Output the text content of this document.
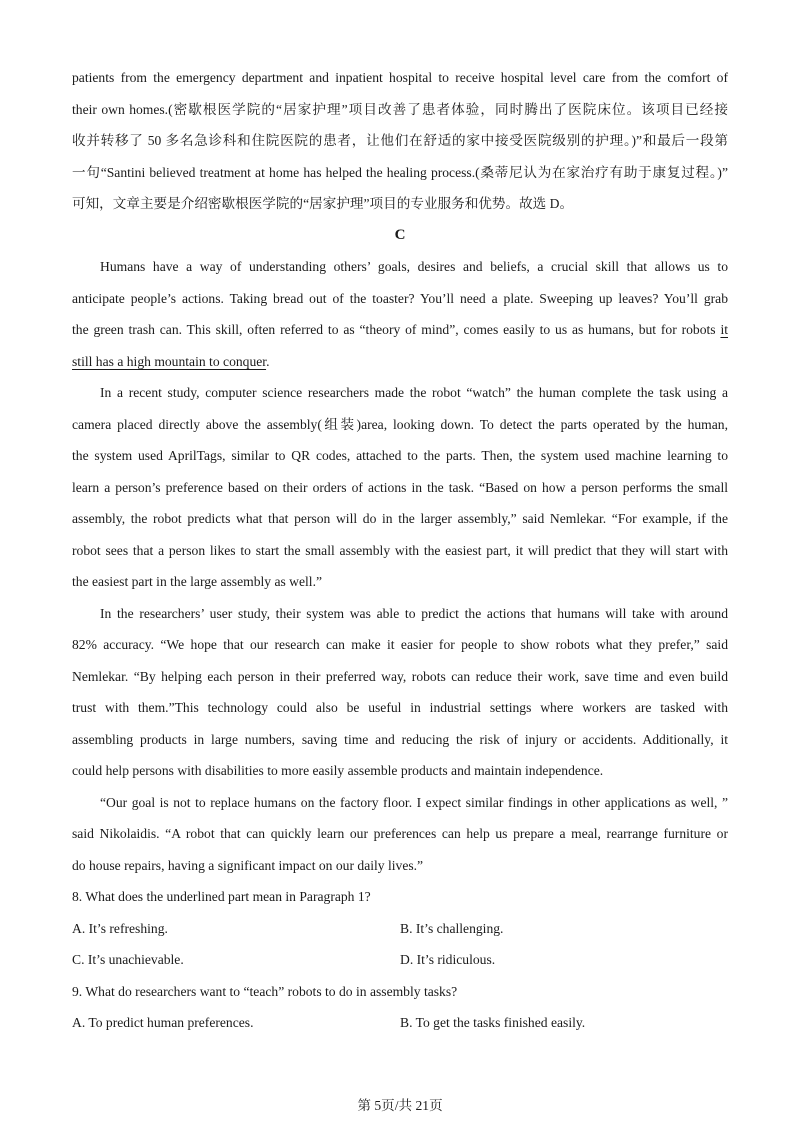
patients from the emergency department and inpatient hospital to receive hospital level care from the comfort of
their own homes.(密歇根医学院的“居家护理”项目改善了患者体验，同时腾出了医院床位。该项目已经接
收并转移了 50 多名急诊科和住院医院的患者，让他们在舒适的家中接受医院级别的护理。)”和最后一段第
一句“Santini believed treatment at home has helped the healing process.(桑蒂尼认为在家治疗有助于康复过程。)”
可知，文章主要是介绍密歇根医学院的“居家护理”项目的专业服务和优势。故选 D。
C
Humans have a way of understanding others’ goals, desires and beliefs, a crucial skill that allows us to
anticipate people’s actions. Taking bread out of the toaster? You’ll need a plate. Sweeping up leaves? You’ll grab
the green trash can. This skill, often referred to as “theory of mind”, comes easily to us as humans, but for robots it
still has a high mountain to conquer.
In a recent study, computer science researchers made the robot “watch” the human complete the task using a
camera placed directly above the assembly(组装)area, looking down. To detect the parts operated by the human,
the system used AprilTags, similar to QR codes, attached to the parts. Then, the system used machine learning to
learn a person’s preference based on their orders of actions in the task. “Based on how a person performs the small
assembly, the robot predicts what that person will do in the larger assembly,” said Nemlekar. “For example, if the
robot sees that a person likes to start the small assembly with the easiest part, it will predict that they will start with
the easiest part in the large assembly as well.”
In the researchers’ user study, their system was able to predict the actions that humans will take with around
82% accuracy. “We hope that our research can make it easier for people to show robots what they prefer,” said
Nemlekar. “By helping each person in their preferred way, robots can reduce their work, save time and even build
trust with them.”This technology could also be useful in industrial settings where workers are tasked with
assembling products in large numbers, saving time and reducing the risk of injury or accidents. Additionally, it
could help persons with disabilities to more easily assemble products and maintain independence.
“Our goal is not to replace humans on the factory floor. I expect similar findings in other applications as well, ”
said Nikolaidis. “A robot that can quickly learn our preferences can help us prepare a meal, rearrange furniture or
do house repairs, having a significant impact on our daily lives.”
8. What does the underlined part mean in Paragraph 1?
A. It’s refreshing.	B. It’s challenging.
C. It’s unachievable.	D. It’s ridiculous.
9. What do researchers want to “teach” robots to do in assembly tasks?
A. To predict human preferences.	B. To get the tasks finished easily.
第 5页/共 21页
